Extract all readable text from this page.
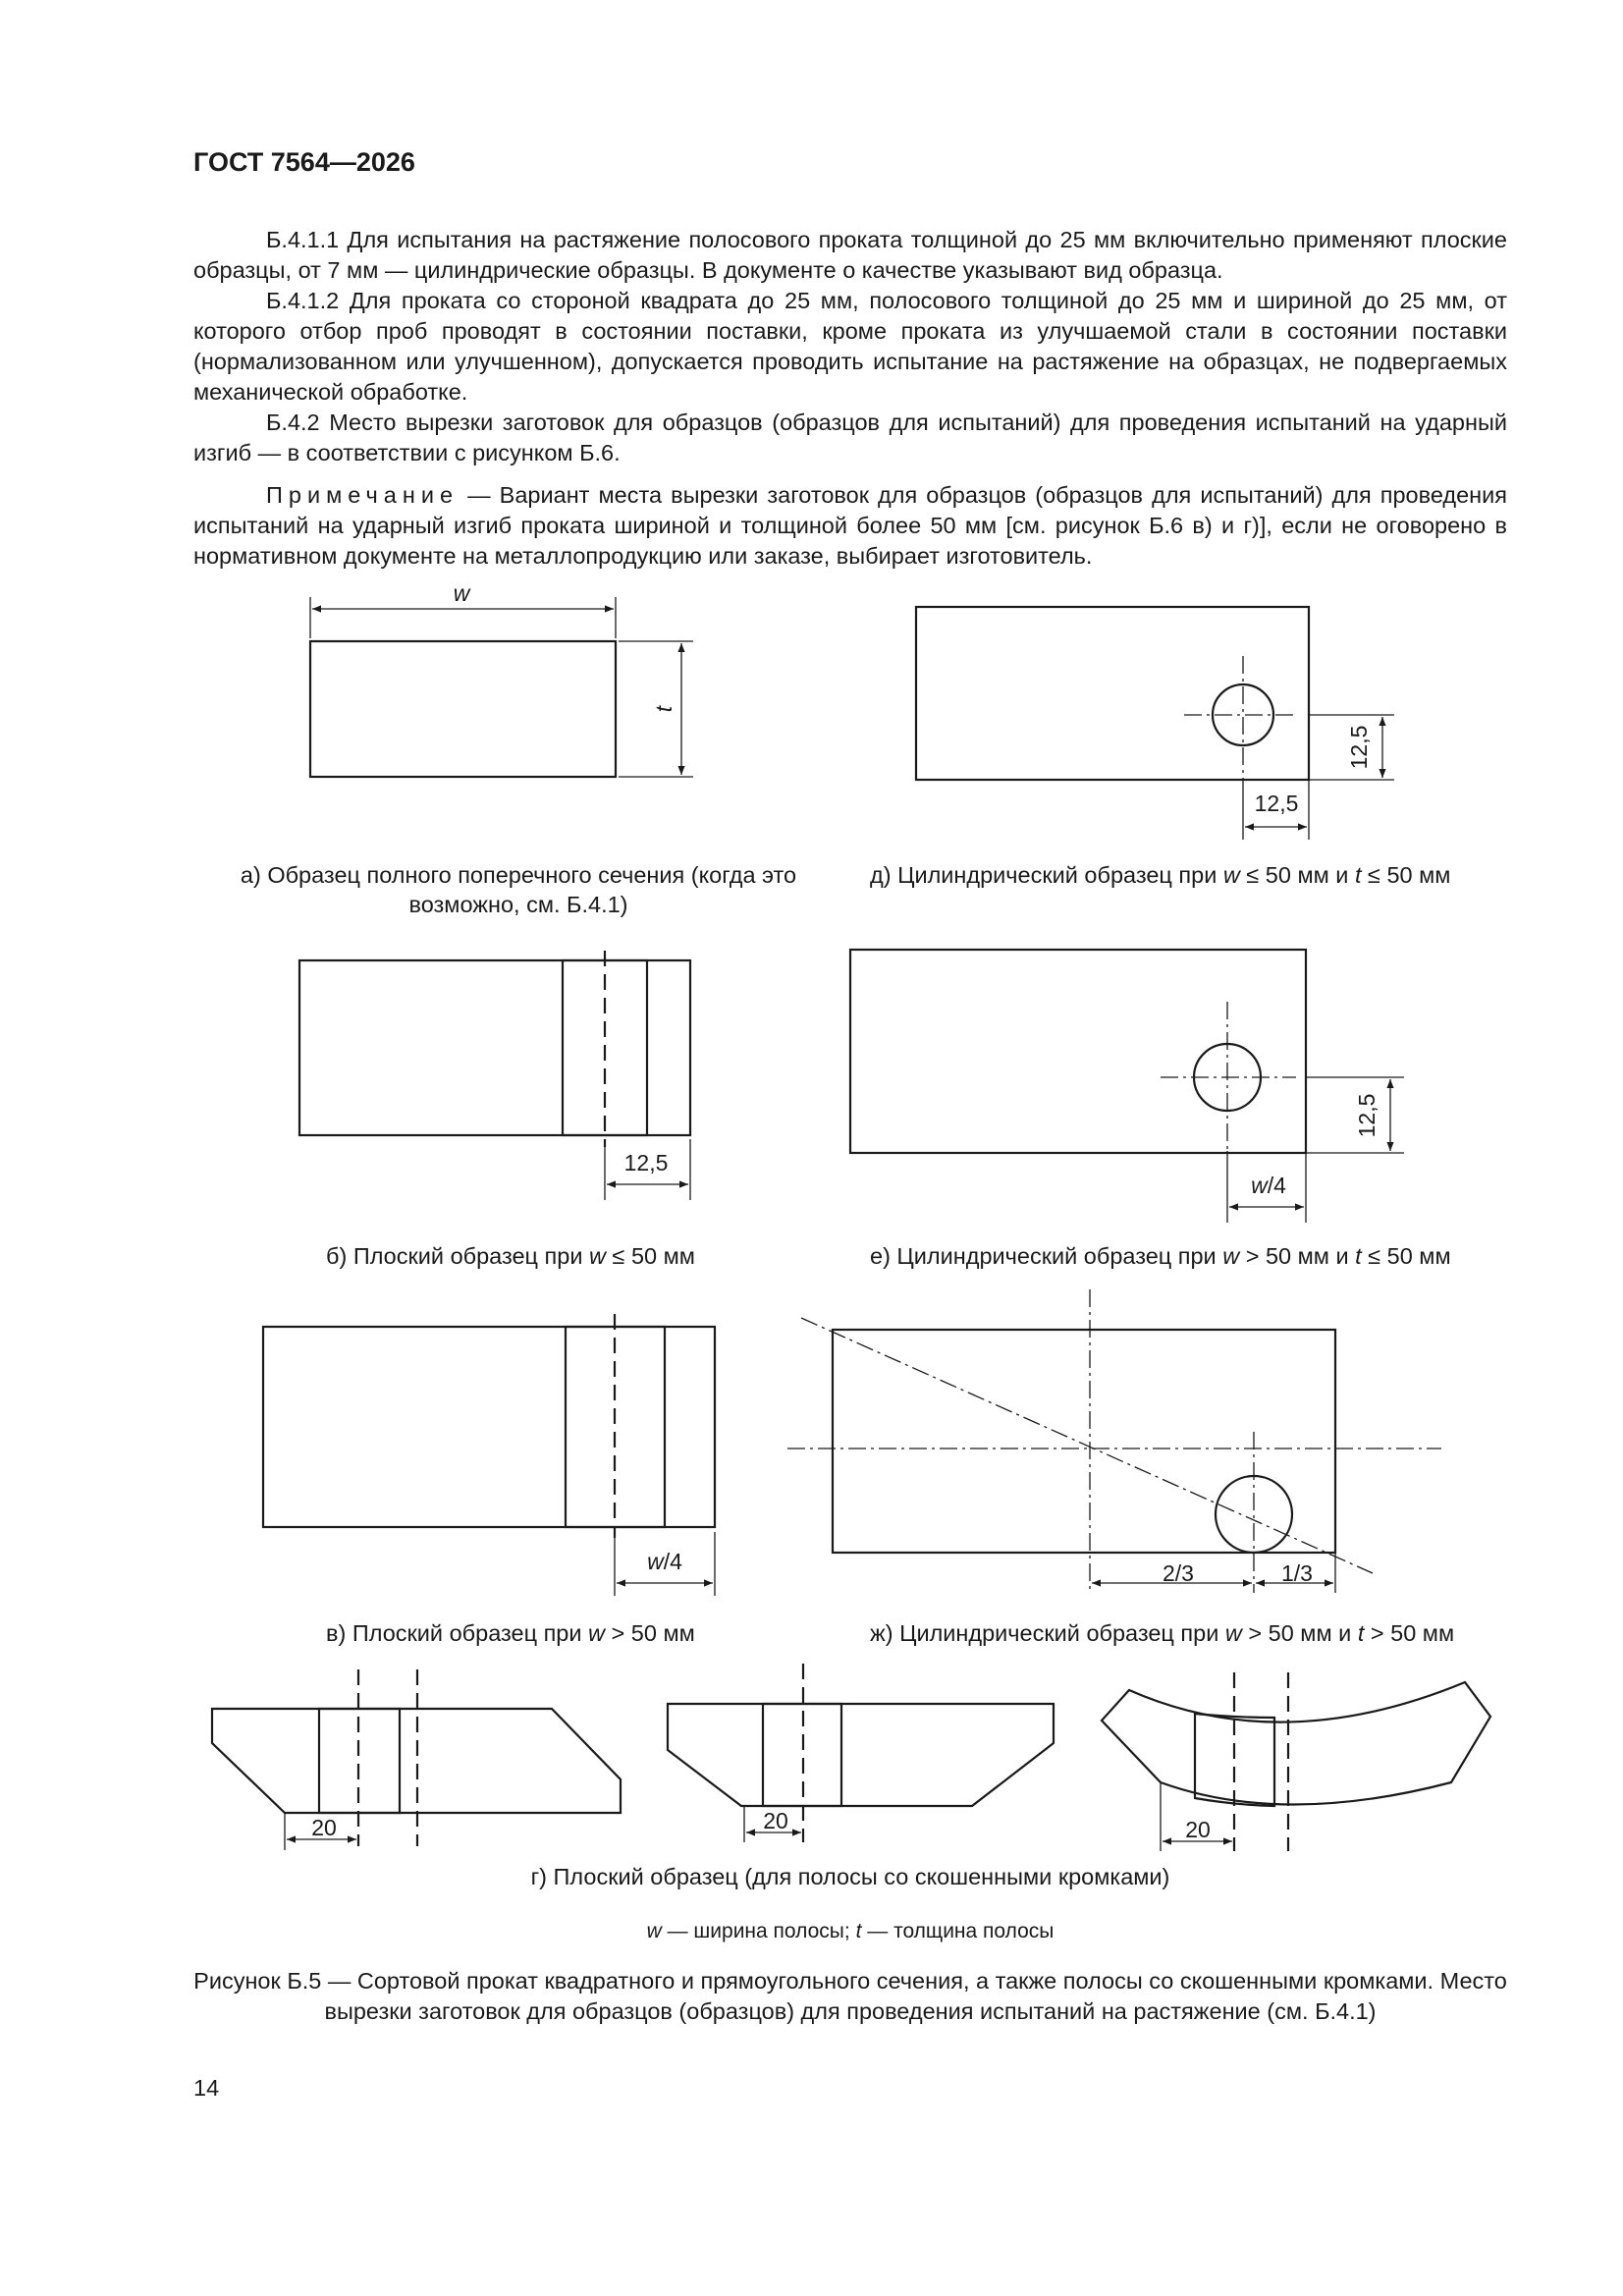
ГОСТ 7564—2026

Б.4.1.1 Для испытания на растяжение полосового проката толщиной до 25 мм включительно применяют плоские образцы, от 7 мм — цилиндрические образцы. В документе о качестве указывают вид образца.

Б.4.1.2 Для проката со стороной квадрата до 25 мм, полосового толщиной до 25 мм и шириной до 25 мм, от которого отбор проб проводят в состоянии поставки, кроме проката из улучшаемой стали в состоянии поставки (нормализованном или улучшенном), допускается проводить испытание на растяжение на образцах, не подвергаемых механической обработке.

Б.4.2 Место вырезки заготовок для образцов (образцов для испытаний) для проведения испытаний на ударный изгиб — в соответствии с рисунком Б.6.

Примечание — Вариант места вырезки заготовок для образцов (образцов для испытаний) для проведения испытаний на ударный изгиб проката шириной и толщиной более 50 мм [см. рисунок Б.6 в) и г)], если не оговорено в нормативном документе на металлопродукцию или заказе, выбирает изготовитель.

w
t
12,5
12,5
12,5
12,5
w/4
w/4	2/3	1/3
20	20	20

а) Образец полного поперечного сечения (когда это возможно, см. Б.4.1)

д) Цилиндрический образец при w ≤ 50 мм и t ≤ 50 мм

б) Плоский образец при w ≤ 50 мм	е) Цилиндрический образец при w > 50 мм и t ≤ 50 мм

в) Плоский образец при w > 50 мм	ж) Цилиндрический образец при w > 50 мм и t > 50 мм

г) Плоский образец (для полосы со скошенными кромками)

w — ширина полосы; t — толщина полосы

Рисунок Б.5 — Сортовой прокат квадратного и прямоугольного сечения, а также полосы со скошенными кромками. Место вырезки заготовок для образцов (образцов) для проведения испытаний на растяжение (см. Б.4.1)

14
